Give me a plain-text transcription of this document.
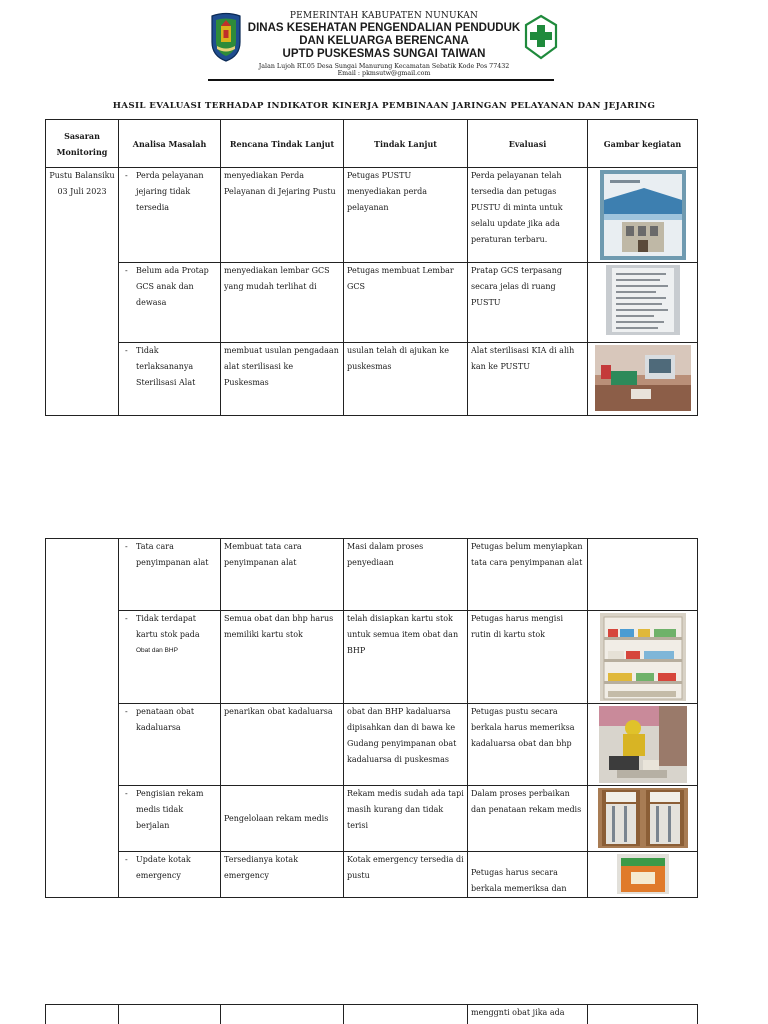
PEMERINTAH KABUPATEN NUNUKAN
DINAS KESEHATAN PENGENDALIAN PENDUDUK
DAN KELUARGA BERENCANA
UPTD PUSKESMAS SUNGAI TAIWAN
Jalan Lujoh RT.05 Desa Sungai Manurung Kecamatan Sebatik Kode Pos 77432
Email : pkmsutw@gmail.com
HASIL EVALUASI TERHADAP INDIKATOR KINERJA PEMBINAAN JARINGAN PELAYANAN DAN JEJARING
Sasaran Monitoring	Analisa Masalah	Rencana Tindak Lanjut	Tindak Lanjut	Evaluasi	Gambar kegiatan

Pustu Balansiku
03 Juli 2023	- Perda pelayanan jejaring tidak tersedia	menyediakan Perda Pelayanan di Jejaring Pustu	Petugas PUSTU menyediakan perda pelayanan	Perda pelayanan telah tersedia dan petugas PUSTU di minta untuk selalu update jika ada peraturan terbaru.

	- Belum ada Protap GCS anak dan dewasa	menyediakan lembar GCS yang mudah terlihat di	Petugas membuat Lembar GCS	Pratap GCS terpasang secara jelas di ruang PUSTU

	- Tidak terlaksananya Sterilisasi Alat	membuat usulan pengadaan alat sterilisasi ke Puskesmas	usulan telah di ajukan ke puskesmas	Alat sterilisasi KIA di alih kan ke PUSTU

	- Tata cara penyimpanan alat	Membuat tata cara penyimpanan alat	Masi dalam proses penyediaan	Petugas belum menyiapkan tata cara penyimpanan alat	

	- Tidak terdapat kartu stok pada
Obat dan BHP	Semua obat dan bhp harus memiliki kartu stok	telah disiapkan kartu stok untuk semua item obat dan BHP	Petugas harus mengisi rutin di kartu stok

	- penataan obat kadaluarsa	penarikan obat kadaluarsa	obat dan BHP kadaluarsa dipisahkan dan di bawa ke Gudang penyimpanan obat kadaluarsa di puskesmas	Petugas pustu secara berkala harus memeriksa kadaluarsa obat dan bhp

	- Pengisian rekam medis tidak berjalan	Pengelolaan rekam medis	Rekam medis sudah ada tapi masih kurang dan tidak terisi	Dalam proses perbaikan dan penataan rekam medis

	- Update kotak emergency	Tersedianya kotak emergency	Kotak emergency tersedia di pustu	Petugas harus secara berkala memeriksa dan

menggnti obat jika ada
